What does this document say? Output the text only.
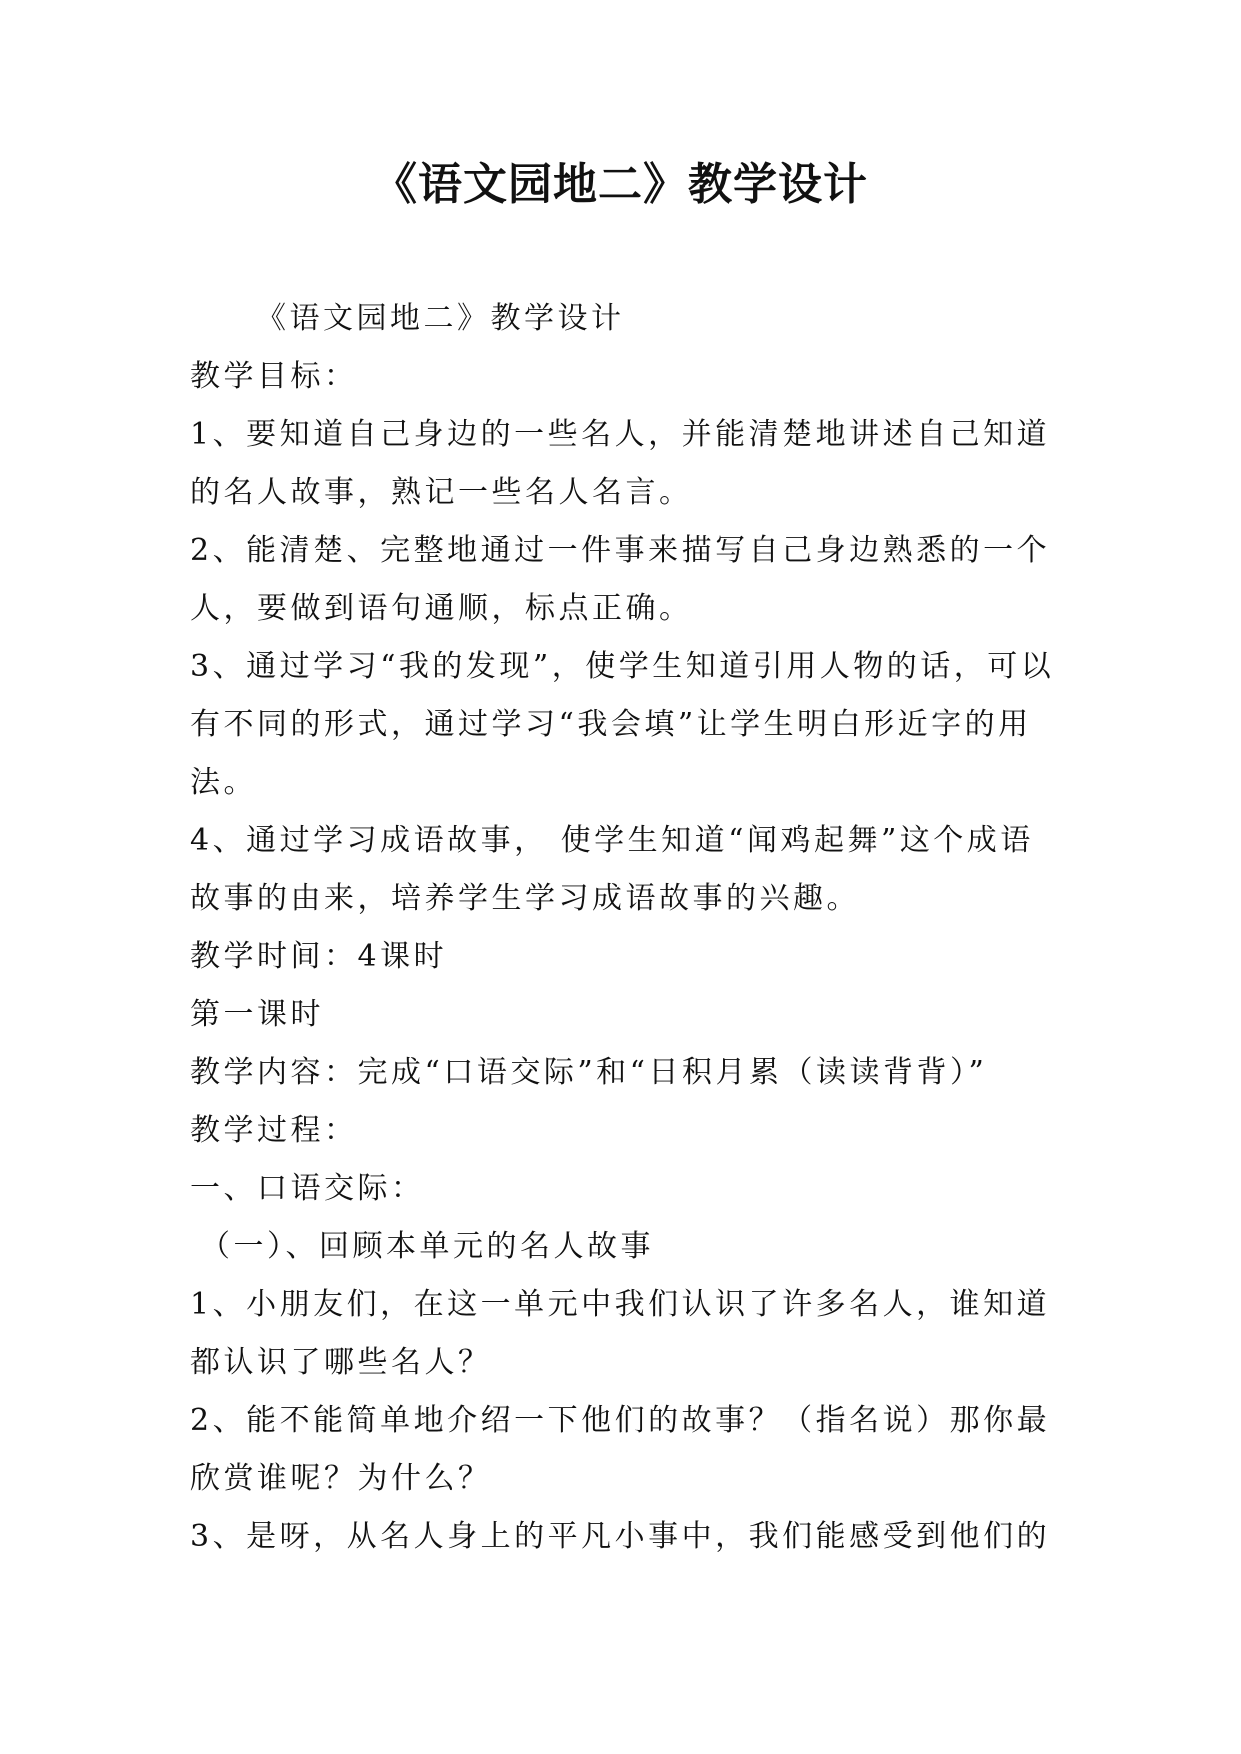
《语文园地二》教学设计
《语文园地二》教学设计
教学目标：
1、要知道自己身边的一些名人，并能清楚地讲述自己知道
的名人故事，熟记一些名人名言。
2、能清楚、完整地通过一件事来描写自己身边熟悉的一个
人，要做到语句通顺，标点正确。
3、通过学习“我的发现”，使学生知道引用人物的话，可以
有不同的形式，通过学习“我会填”让学生明白形近字的用
法。
4、通过学习成语故事， 使学生知道“闻鸡起舞”这个成语
故事的由来，培养学生学习成语故事的兴趣。
教学时间：4课时
第一课时
教学内容：完成“口语交际”和“日积月累（读读背背）”
教学过程：
一、口语交际：
（一）、回顾本单元的名人故事
1、小朋友们，在这一单元中我们认识了许多名人，谁知道
都认识了哪些名人？
2、能不能简单地介绍一下他们的故事？（指名说）那你最
欣赏谁呢？为什么？
3、是呀，从名人身上的平凡小事中，我们能感受到他们的
